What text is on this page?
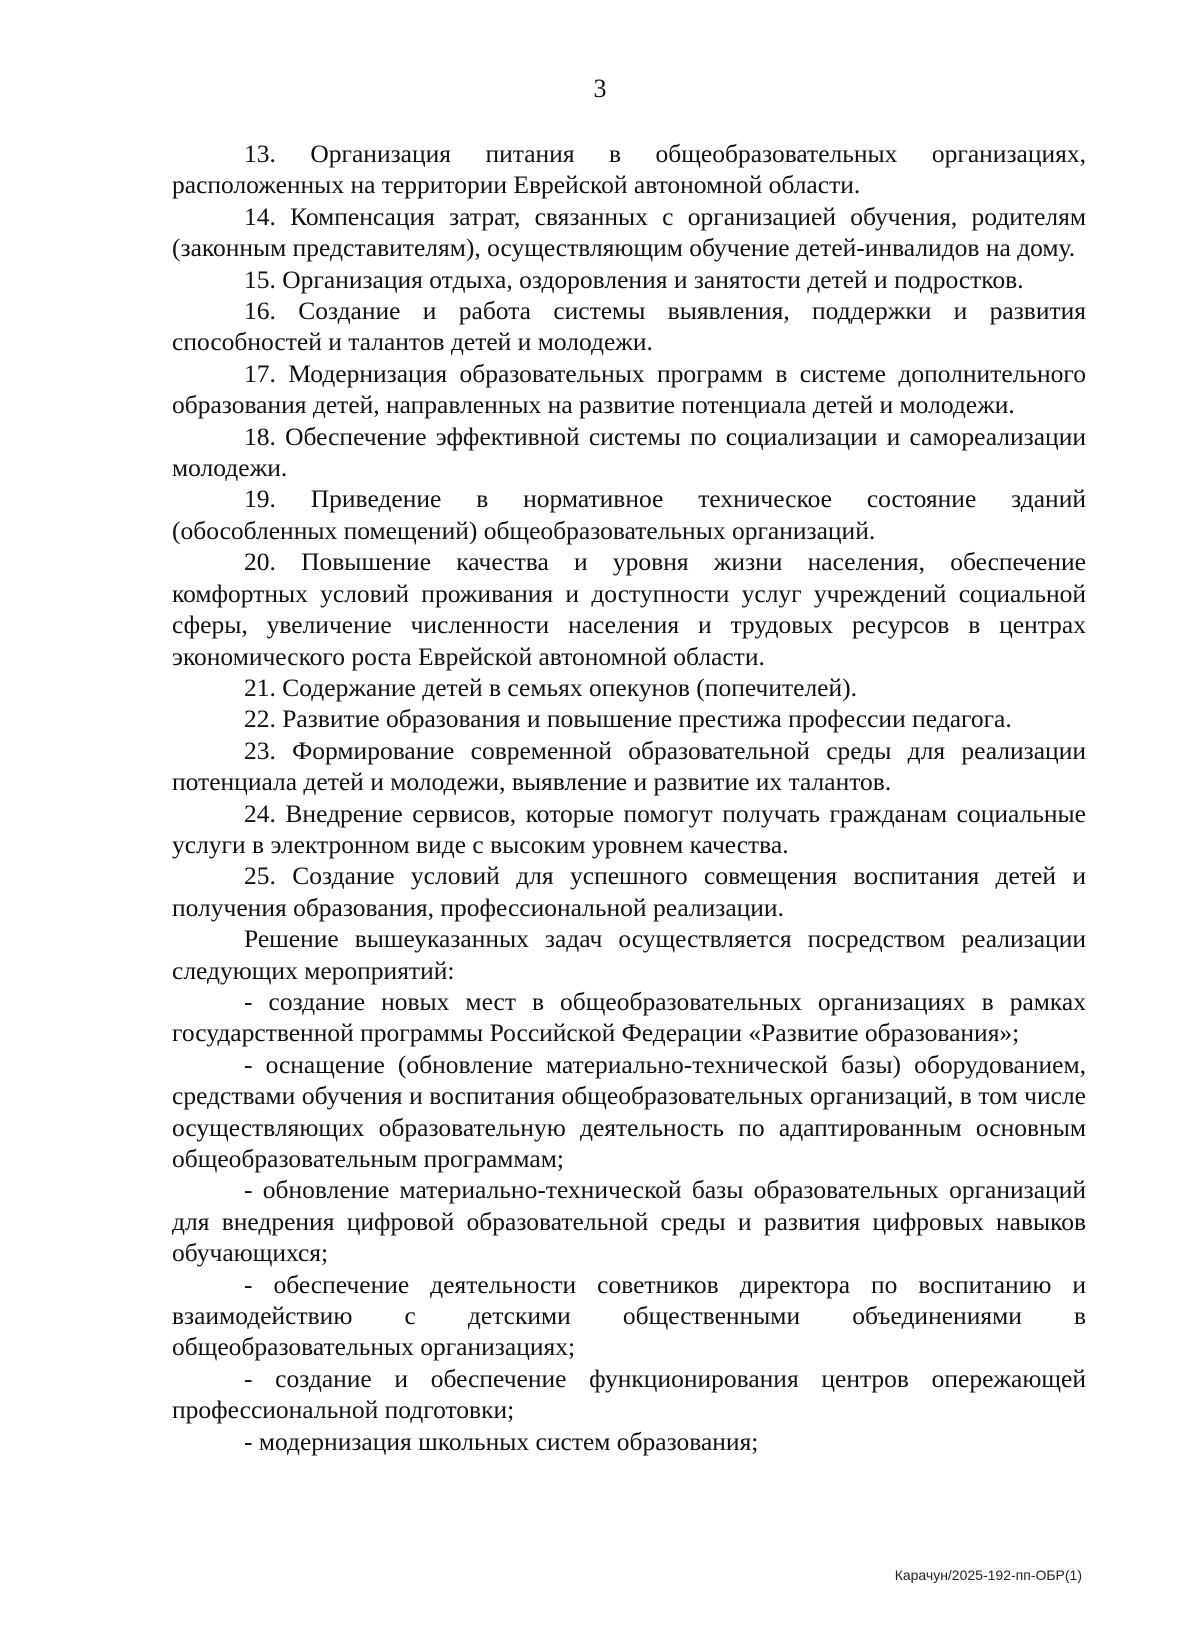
3

13. Организация питания в общеобразовательных организациях, расположенных на территории Еврейской автономной области.

14. Компенсация затрат, связанных с организацией обучения, родителям (законным представителям), осуществляющим обучение детей-инвалидов на дому.

15. Организация отдыха, оздоровления и занятости детей и подростков.

16. Создание и работа системы выявления, поддержки и развития способностей и талантов детей и молодежи.

17. Модернизация образовательных программ в системе дополнительного образования детей, направленных на развитие потенциала детей и молодежи.

18. Обеспечение эффективной системы по социализации и самореализации молодежи.

19. Приведение в нормативное техническое состояние зданий (обособленных помещений) общеобразовательных организаций.

20. Повышение качества и уровня жизни населения, обеспечение комфортных условий проживания и доступности услуг учреждений социальной сферы, увеличение численности населения и трудовых ресурсов в центрах экономического роста Еврейской автономной области.

21. Содержание детей в семьях опекунов (попечителей).

22. Развитие образования и повышение престижа профессии педагога.

23. Формирование современной образовательной среды для реализации потенциала детей и молодежи, выявление и развитие их талантов.

24. Внедрение сервисов, которые помогут получать гражданам социальные услуги в электронном виде с высоким уровнем качества.

25. Создание условий для успешного совмещения воспитания детей и получения образования, профессиональной реализации.

Решение вышеуказанных задач осуществляется посредством реализации следующих мероприятий:

- создание новых мест в общеобразовательных организациях в рамках государственной программы Российской Федерации «Развитие образования»;

- оснащение (обновление материально-технической базы) оборудованием, средствами обучения и воспитания общеобразовательных организаций, в том числе осуществляющих образовательную деятельность по адаптированным основным общеобразовательным программам;

- обновление материально-технической базы образовательных организаций для внедрения цифровой образовательной среды и развития цифровых навыков обучающихся;

- обеспечение деятельности советников директора по воспитанию и взаимодействию с детскими общественными объединениями в общеобразовательных организациях;

- создание и обеспечение функционирования центров опережающей профессиональной подготовки;

- модернизация школьных систем образования;

Карачун/2025-192-пп-ОБР(1)
